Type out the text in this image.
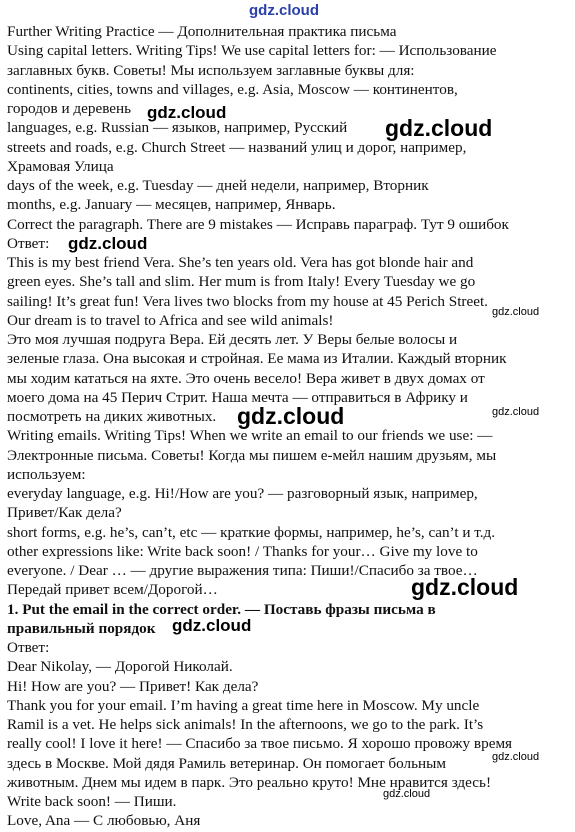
gdz.cloud
Further Writing Practice — Дополнительная практика письма
Using capital letters. Writing Tips! We use capital letters for: — Использование
заглавных букв. Советы! Мы используем заглавные буквы для:
continents, cities, towns and villages, e.g. Asia, Moscow — континентов,
городов и деревень
languages, e.g. Russian — языков, например, Русский
streets and roads, e.g. Church Street — названий улиц и дорог, например,
Храмовая Улица
days of the week, e.g. Tuesday — дней недели, например, Вторник
months, e.g. January — месяцев, например, Январь.
Correct the paragraph. There are 9 mistakes — Исправь параграф. Тут 9 ошибок
Ответ:
This is my best friend Vera. She’s ten years old. Vera has got blonde hair and
green eyes. She’s tall and slim. Her mum is from Italy! Every Tuesday we go
sailing! It’s great fun! Vera lives two blocks from my house at 45 Perich Street.
Our dream is to travel to Africa and see wild animals!
Это моя лучшая подруга Вера. Ей десять лет. У Веры белые волосы и
зеленые глаза. Она высокая и стройная. Ее мама из Италии. Каждый вторник
мы ходим кататься на яхте. Это очень весело! Вера живет в двух домах от
моего дома на 45 Перич Стрит. Наша мечта — отправиться в Африку и
посмотреть на диких животных.
Writing emails. Writing Tips! When we write an email to our friends we use: —
Электронные письма. Советы! Когда мы пишем е-мейл нашим друзьям, мы
используем:
everyday language, e.g. Hi!/How are you? — разговорный язык, например,
Привет/Как дела?
short forms, e.g. he’s, can’t, etc — краткие формы, например, he’s, can’t и т.д.
other expressions like: Write back soon! / Thanks for your… Give my love to
everyone. / Dear … — другие выражения типа: Пиши!/Спасибо за твое…
Передай привет всем/Дорогой…
1. Put the email in the correct order. — Поставь фразы письма в
правильный порядок
Ответ:
Dear Nikolay, — Дорогой Николай.
Hi! How are you? — Привет! Как дела?
Thank you for your email. I’m having a great time here in Moscow. My uncle
Ramil is a vet. He helps sick animals! In the afternoons, we go to the park. It’s
really cool! I love it here! — Спасибо за твое письмо. Я хорошо провожу время
здесь в Москве. Мой дядя Рамиль ветеринар. Он помогает больным
животным. Днем мы идем в парк. Это реально круто! Мне нравится здесь!
Write back soon! — Пиши.
Love, Ana — С любовью, Аня
gdz.cloud
gdz.cloud
gdz.cloud
gdz.cloud
gdz.cloud	gdz.cloud
gdz.cloud
gdz.cloud
gdz.cloud
gdz.cloud
